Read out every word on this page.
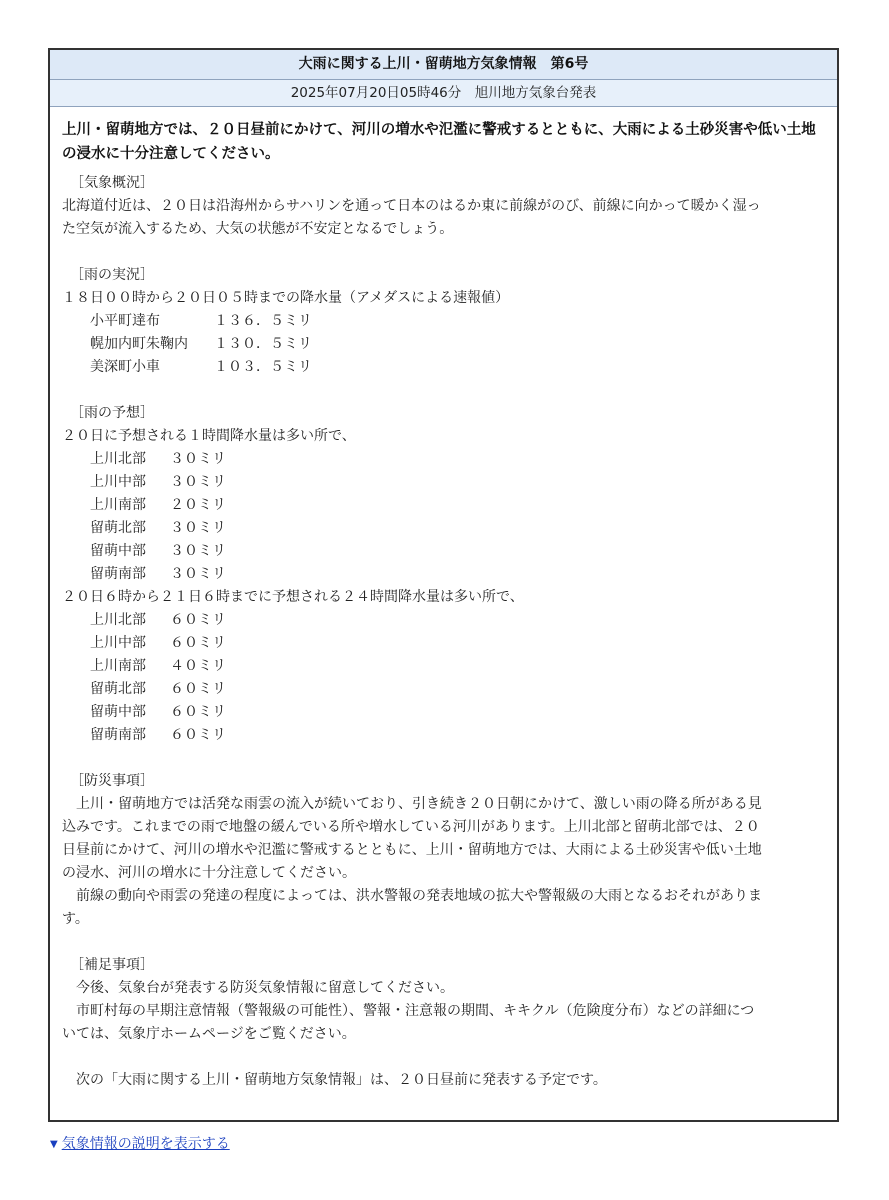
大雨に関する上川・留萌地方気象情報　第6号
2025年07月20日05時46分　旭川地方気象台発表
上川・留萌地方では、２０日昼前にかけて、河川の増水や氾濫に警戒するとともに、大雨による土砂災害や低い土地の浸水に十分注意してください。
［気象概況］
北海道付近は、２０日は沿海州からサハリンを通って日本のはるか東に前線がのび、前線に向かって暖かく湿っ
た空気が流入するため、大気の状態が不安定となるでしょう。
［雨の実況］
１８日００時から２０日０５時までの降水量（アメダスによる速報値）
小平町達布	１３６．５ミリ
幌加内町朱鞠内	１３０．５ミリ
美深町小車	１０３．５ミリ
［雨の予想］
２０日に予想される１時間降水量は多い所で、
上川北部	３０ミリ
上川中部	３０ミリ
上川南部	２０ミリ
留萌北部	３０ミリ
留萌中部	３０ミリ
留萌南部	３０ミリ
２０日６時から２１日６時までに予想される２４時間降水量は多い所で、
上川北部	６０ミリ
上川中部	６０ミリ
上川南部	４０ミリ
留萌北部	６０ミリ
留萌中部	６０ミリ
留萌南部	６０ミリ
［防災事項］
　上川・留萌地方では活発な雨雲の流入が続いており、引き続き２０日朝にかけて、激しい雨の降る所がある見
込みです。これまでの雨で地盤の緩んでいる所や増水している河川があります。上川北部と留萌北部では、２０
日昼前にかけて、河川の増水や氾濫に警戒するとともに、上川・留萌地方では、大雨による土砂災害や低い土地
の浸水、河川の増水に十分注意してください。
　前線の動向や雨雲の発達の程度によっては、洪水警報の発表地域の拡大や警報級の大雨となるおそれがありま
す。
［補足事項］
　今後、気象台が発表する防災気象情報に留意してください。
　市町村毎の早期注意情報（警報級の可能性）、警報・注意報の期間、キキクル（危険度分布）などの詳細につ
いては、気象庁ホームページをご覧ください。
　次の「大雨に関する上川・留萌地方気象情報」は、２０日昼前に発表する予定です。
▼ 気象情報の説明を表示する
